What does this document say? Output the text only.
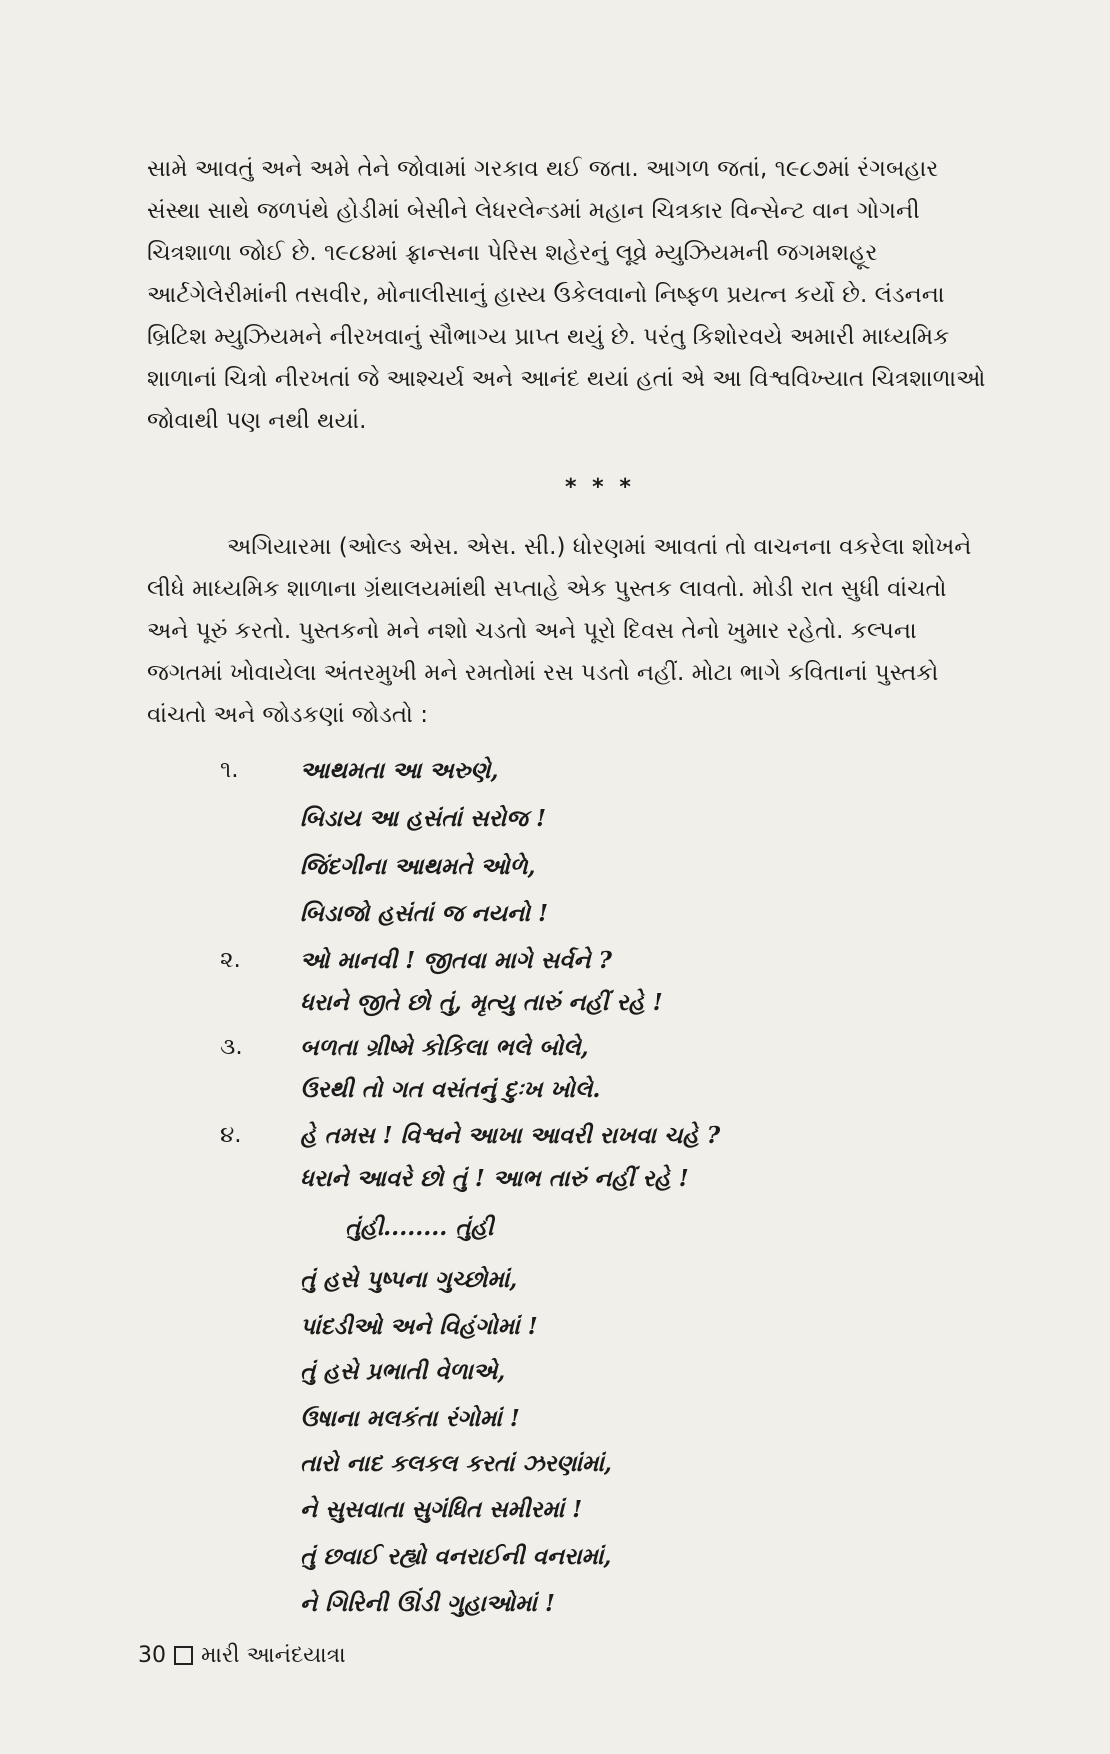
સામે આવતું અને અમે તેને જોવામાં ગરકાવ થઈ જતા. આગળ જતાં, ૧૯૮૭માં રંગબહાર

સંસ્થા સાથે જળપંથે હોડીમાં બેસીને લેધરલેન્ડમાં મહાન ચિત્રકાર વિન્સેન્ટ વાન ગોગની

ચિત્રશાળા જોઈ છે. ૧૯૮૪માં ફ્રાન્સના પેરિસ શહેરનું લૂવ્રે મ્યુઝિયમની જગમશહૂર

આર્ટગેલેરીમાંની તસવીર, મોનાલીસાનું હાસ્ય ઉકેલવાનો નિષ્ફળ પ્રયત્ન કર્યો છે. લંડનના

બ્રિટિશ મ્યુઝિયમને નીરખવાનું સૌભાગ્ય પ્રાપ્ત થયું છે. પરંતુ કિશોરવયે અમારી માધ્યમિક

શાળાનાં ચિત્રો નીરખતાં જે આશ્ચર્ય અને આનંદ થયાં હતાં એ આ વિશ્વવિખ્યાત ચિત્રશાળાઓ

જોવાથી પણ નથી થયાં.

* * *

અગિયારમા (ઓલ્ડ એસ. એસ. સી.) ધોરણમાં આવતાં તો વાચનના વકરેલા શોખને

લીધે માધ્યમિક શાળાના ગ્રંથાલયમાંથી સપ્તાહે એક પુસ્તક લાવતો. મોડી રાત સુધી વાંચતો

અને પૂરું કરતો. પુસ્તકનો મને નશો ચડતો અને પૂરો દિવસ તેનો ખુમાર રહેતો. કલ્પના

જગતમાં ખોવાયેલા અંતરમુખી મને રમતોમાં રસ પડતો નહીં. મોટા ભાગે કવિતાનાં પુસ્તકો

વાંચતો અને જોડકણાં જોડતો :

૧.
૨.
૩.
૪.
આથમતા આ અરુણે,
બિડાય આ હસંતાં સરોજ !
જિંદગીના આથમતે ઓળે,
બિડાજો હસંતાં જ નયનો !
ઓ માનવી ! જીતવા માગે સર્વને ?
ધરાને જીતે છો તું, મૃત્યુ તારું નહીં રહે !
બળતા ગ્રીષ્મે કોકિલા ભલે બોલે,
ઉરથી તો ગત વસંતનું દુઃખ ખોલે.
હે તમસ ! વિશ્વને આખા આવરી રાખવા ચહે ?
ધરાને આવરે છો તું ! આભ તારું નહીં રહે !
તુંહી........ તુંહી
તું હસે પુષ્પના ગુચ્છોમાં,
પાંદડીઓ અને વિહંગોમાં !
તું હસે પ્રભાતી વેળાએ,
ઉષાના મલકંતા રંગોમાં !
તારો નાદ કલકલ કરતાં ઝરણાંમાં,
ને સુસવાતા સુગંધિત સમીરમાં !
તું છવાઈ રહ્યો વનરાઈની વનરામાં,
ને ગિરિની ઊંડી ગુહાઓમાં !
30 મારી આનંદયાત્રા
